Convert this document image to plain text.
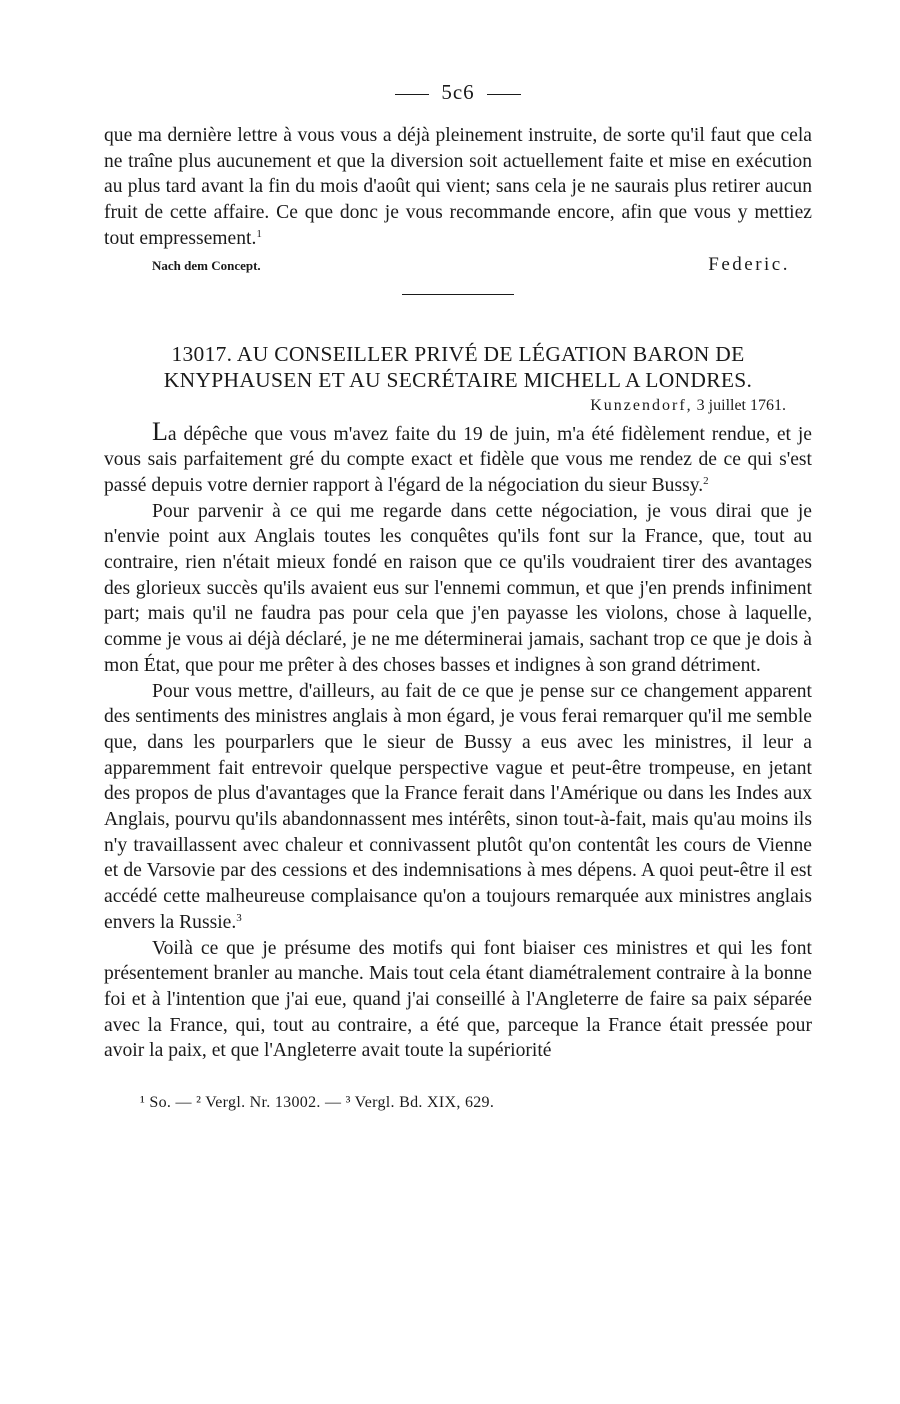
5c6

que ma dernière lettre à vous vous a déjà pleinement instruite, de sorte qu'il faut que cela ne traîne plus aucunement et que la diversion soit actuellement faite et mise en exécution au plus tard avant la fin du mois d'août qui vient; sans cela je ne saurais plus retirer aucun fruit de cette affaire. Ce que donc je vous recommande encore, afin que vous y mettiez tout empressement.$^1$

Nach dem Concept.	Federic.
13017. AU CONSEILLER PRIVÉ DE LÉGATION BARON DE KNYPHAUSEN ET AU SECRÉTAIRE MICHELL A LONDRES.
Kunzendorf, 3 juillet 1761.

La dépêche que vous m'avez faite du 19 de juin, m'a été fidèlement rendue, et je vous sais parfaitement gré du compte exact et fidèle que vous me rendez de ce qui s'est passé depuis votre dernier rapport à l'égard de la négociation du sieur Bussy.$^2$

Pour parvenir à ce qui me regarde dans cette négociation, je vous dirai que je n'envie point aux Anglais toutes les conquêtes qu'ils font sur la France, que, tout au contraire, rien n'était mieux fondé en raison que ce qu'ils voudraient tirer des avantages des glorieux succès qu'ils avaient eus sur l'ennemi commun, et que j'en prends infiniment part; mais qu'il ne faudra pas pour cela que j'en payasse les violons, chose à laquelle, comme je vous ai déjà déclaré, je ne me déterminerai jamais, sachant trop ce que je dois à mon État, que pour me prêter à des choses basses et indignes à son grand détriment.

Pour vous mettre, d'ailleurs, au fait de ce que je pense sur ce changement apparent des sentiments des ministres anglais à mon égard, je vous ferai remarquer qu'il me semble que, dans les pourparlers que le sieur de Bussy a eus avec les ministres, il leur a apparemment fait entrevoir quelque perspective vague et peut-être trompeuse, en jetant des propos de plus d'avantages que la France ferait dans l'Amérique ou dans les Indes aux Anglais, pourvu qu'ils abandonnassent mes intérêts, sinon tout-à-fait, mais qu'au moins ils n'y travaillassent avec chaleur et connivassent plutôt qu'on contentât les cours de Vienne et de Varsovie par des cessions et des indemnisations à mes dépens. A quoi peut-être il est accédé cette malheureuse complaisance qu'on a toujours remarquée aux ministres anglais envers la Russie.$^3$

Voilà ce que je présume des motifs qui font biaiser ces ministres et qui les font présentement branler au manche. Mais tout cela étant diamétralement contraire à la bonne foi et à l'intention que j'ai eue, quand j'ai conseillé à l'Angleterre de faire sa paix séparée avec la France, qui, tout au contraire, a été que, parceque la France était pressée pour avoir la paix, et que l'Angleterre avait toute la supériorité

¹ So. — ² Vergl. Nr. 13002. — ³ Vergl. Bd. XIX, 629.
